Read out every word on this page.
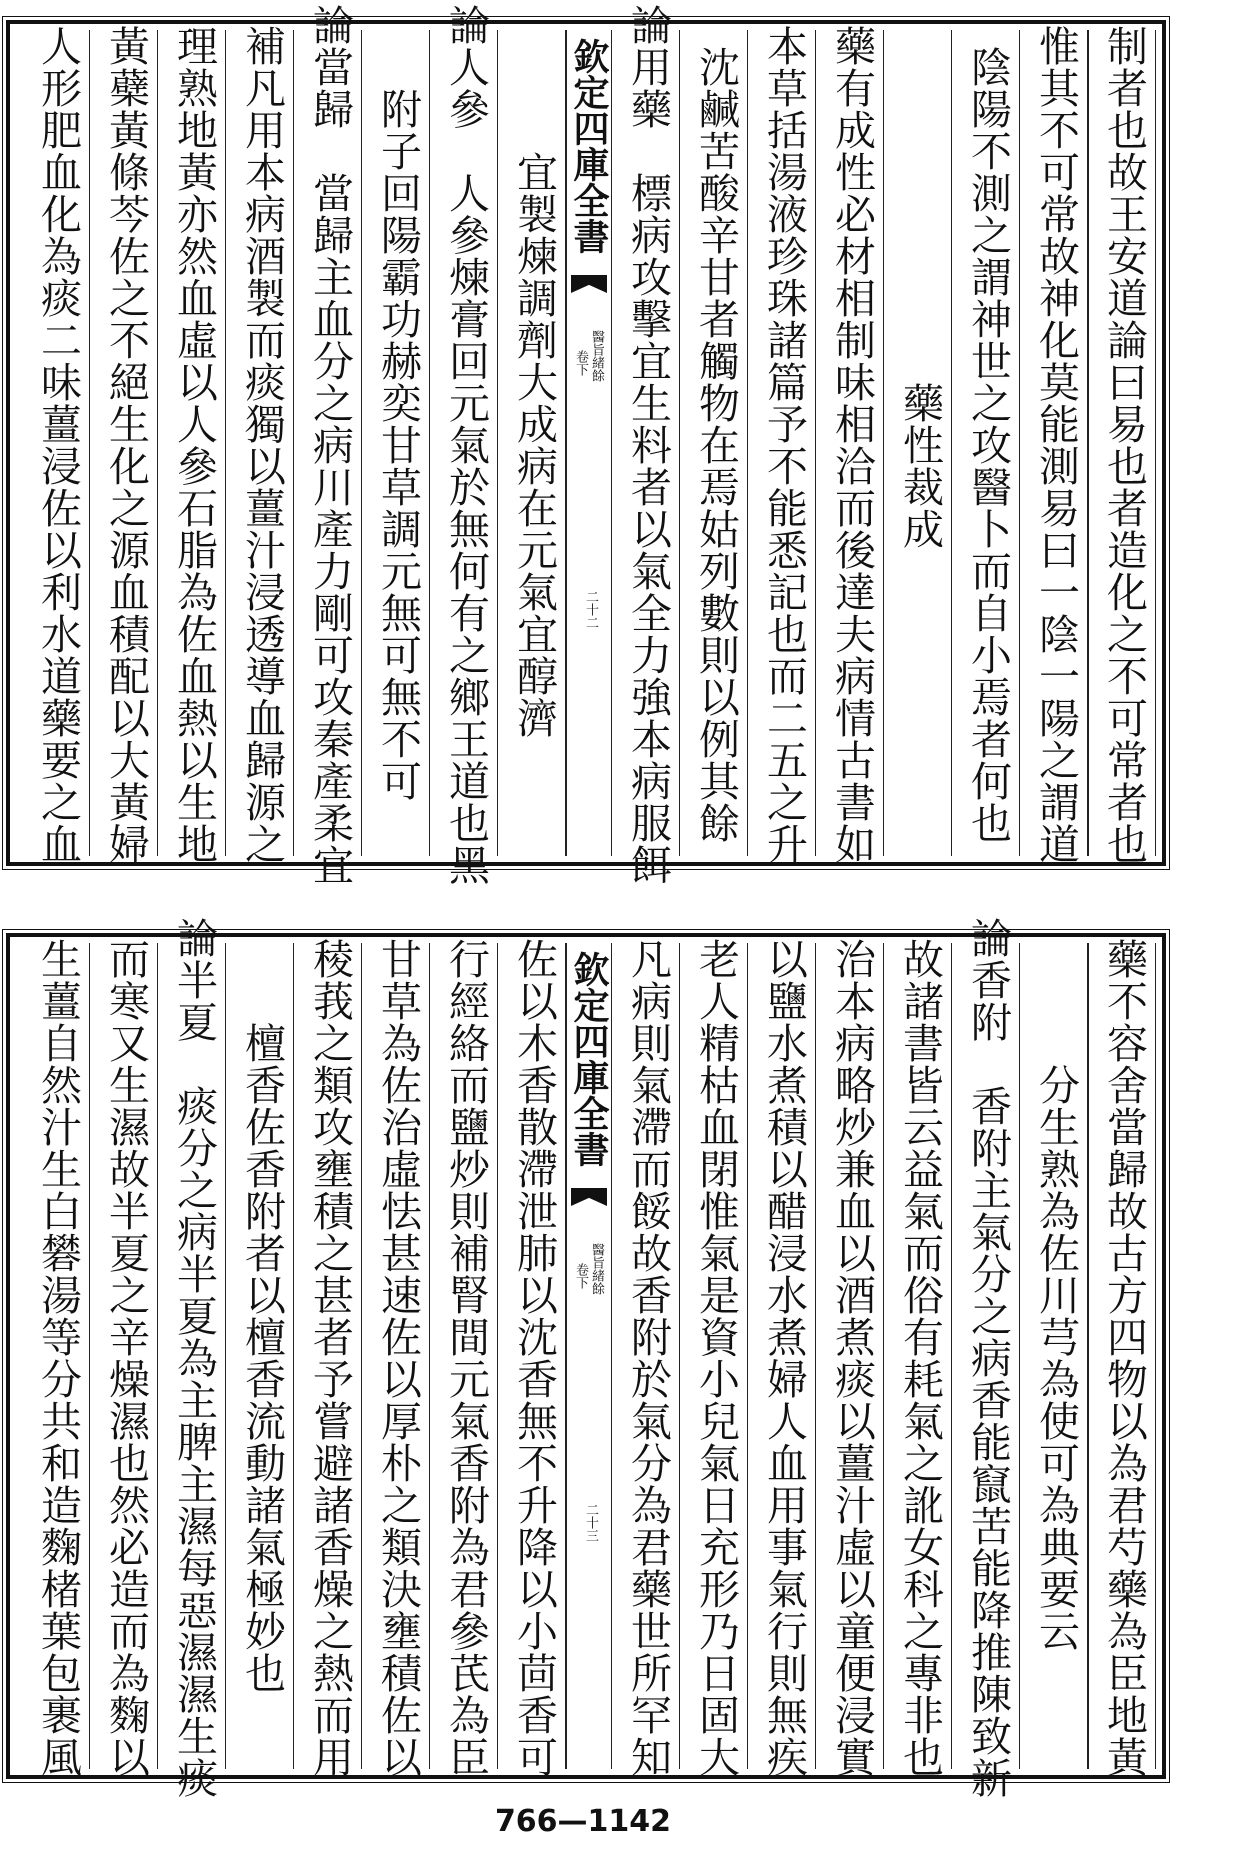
制者也故王安道論曰易也者造化之不可常者也
惟其不可常故神化莫能測易曰一陰一陽之謂道
陰陽不測之謂神世之攻醫卜而自小焉者何也
　藥性裁成
藥有成性必材相制味相洽而後達夫病情古書如
本草括湯液珍珠諸篇予不能悉記也而二五之升
沈鹹苦酸辛甘者觸物在焉姑列數則以例其餘
論用藥　標病攻擊宜生料者以氣全力強本病服餌
欽定四庫全書
醫旨緒餘
卷下
二十二
宜製煉調劑大成病在元氣宜醇濟
論人參　人參煉膏回元氣於無何有之鄉王道也黑
附子回陽霸功赫奕甘草調元無可無不可
論當歸　當歸主血分之病川產力剛可攻秦產柔宜
補凡用本病酒製而痰獨以薑汁浸透導血歸源之
理熟地黃亦然血虛以人參石脂為佐血熱以生地
黃蘗黃條芩佐之不絕生化之源血積配以大黃婦
人形肥血化為痰二味薑浸佐以利水道藥要之血
藥不容舍當歸故古方四物以為君芍藥為臣地黃
分生熟為佐川芎為使可為典要云
論香附　香附主氣分之病香能竄苦能降推陳致新
故諸書皆云益氣而俗有耗氣之訛女科之專非也
治本病略炒兼血以酒煮痰以薑汁虛以童便浸實
以鹽水煮積以醋浸水煮婦人血用事氣行則無疾
老人精枯血閉惟氣是資小兒氣日充形乃日固大
凡病則氣滯而餒故香附於氣分為君藥世所罕知
欽定四庫全書
醫旨緒餘
卷下
二十三
佐以木香散滯泄肺以沈香無不升降以小茴香可
行經絡而鹽炒則補腎間元氣香附為君參芪為臣
甘草為佐治虛怯甚速佐以厚朴之類決壅積佐以
稜莪之類攻壅積之甚者予嘗避諸香燥之熱而用
檀香佐香附者以檀香流動諸氣極妙也
論半夏　痰分之病半夏為主脾主濕每惡濕濕生痰
而寒又生濕故半夏之辛燥濕也然必造而為麴以
生薑自然汁生白礬湯等分共和造麴楮葉包裹風
766—1142
